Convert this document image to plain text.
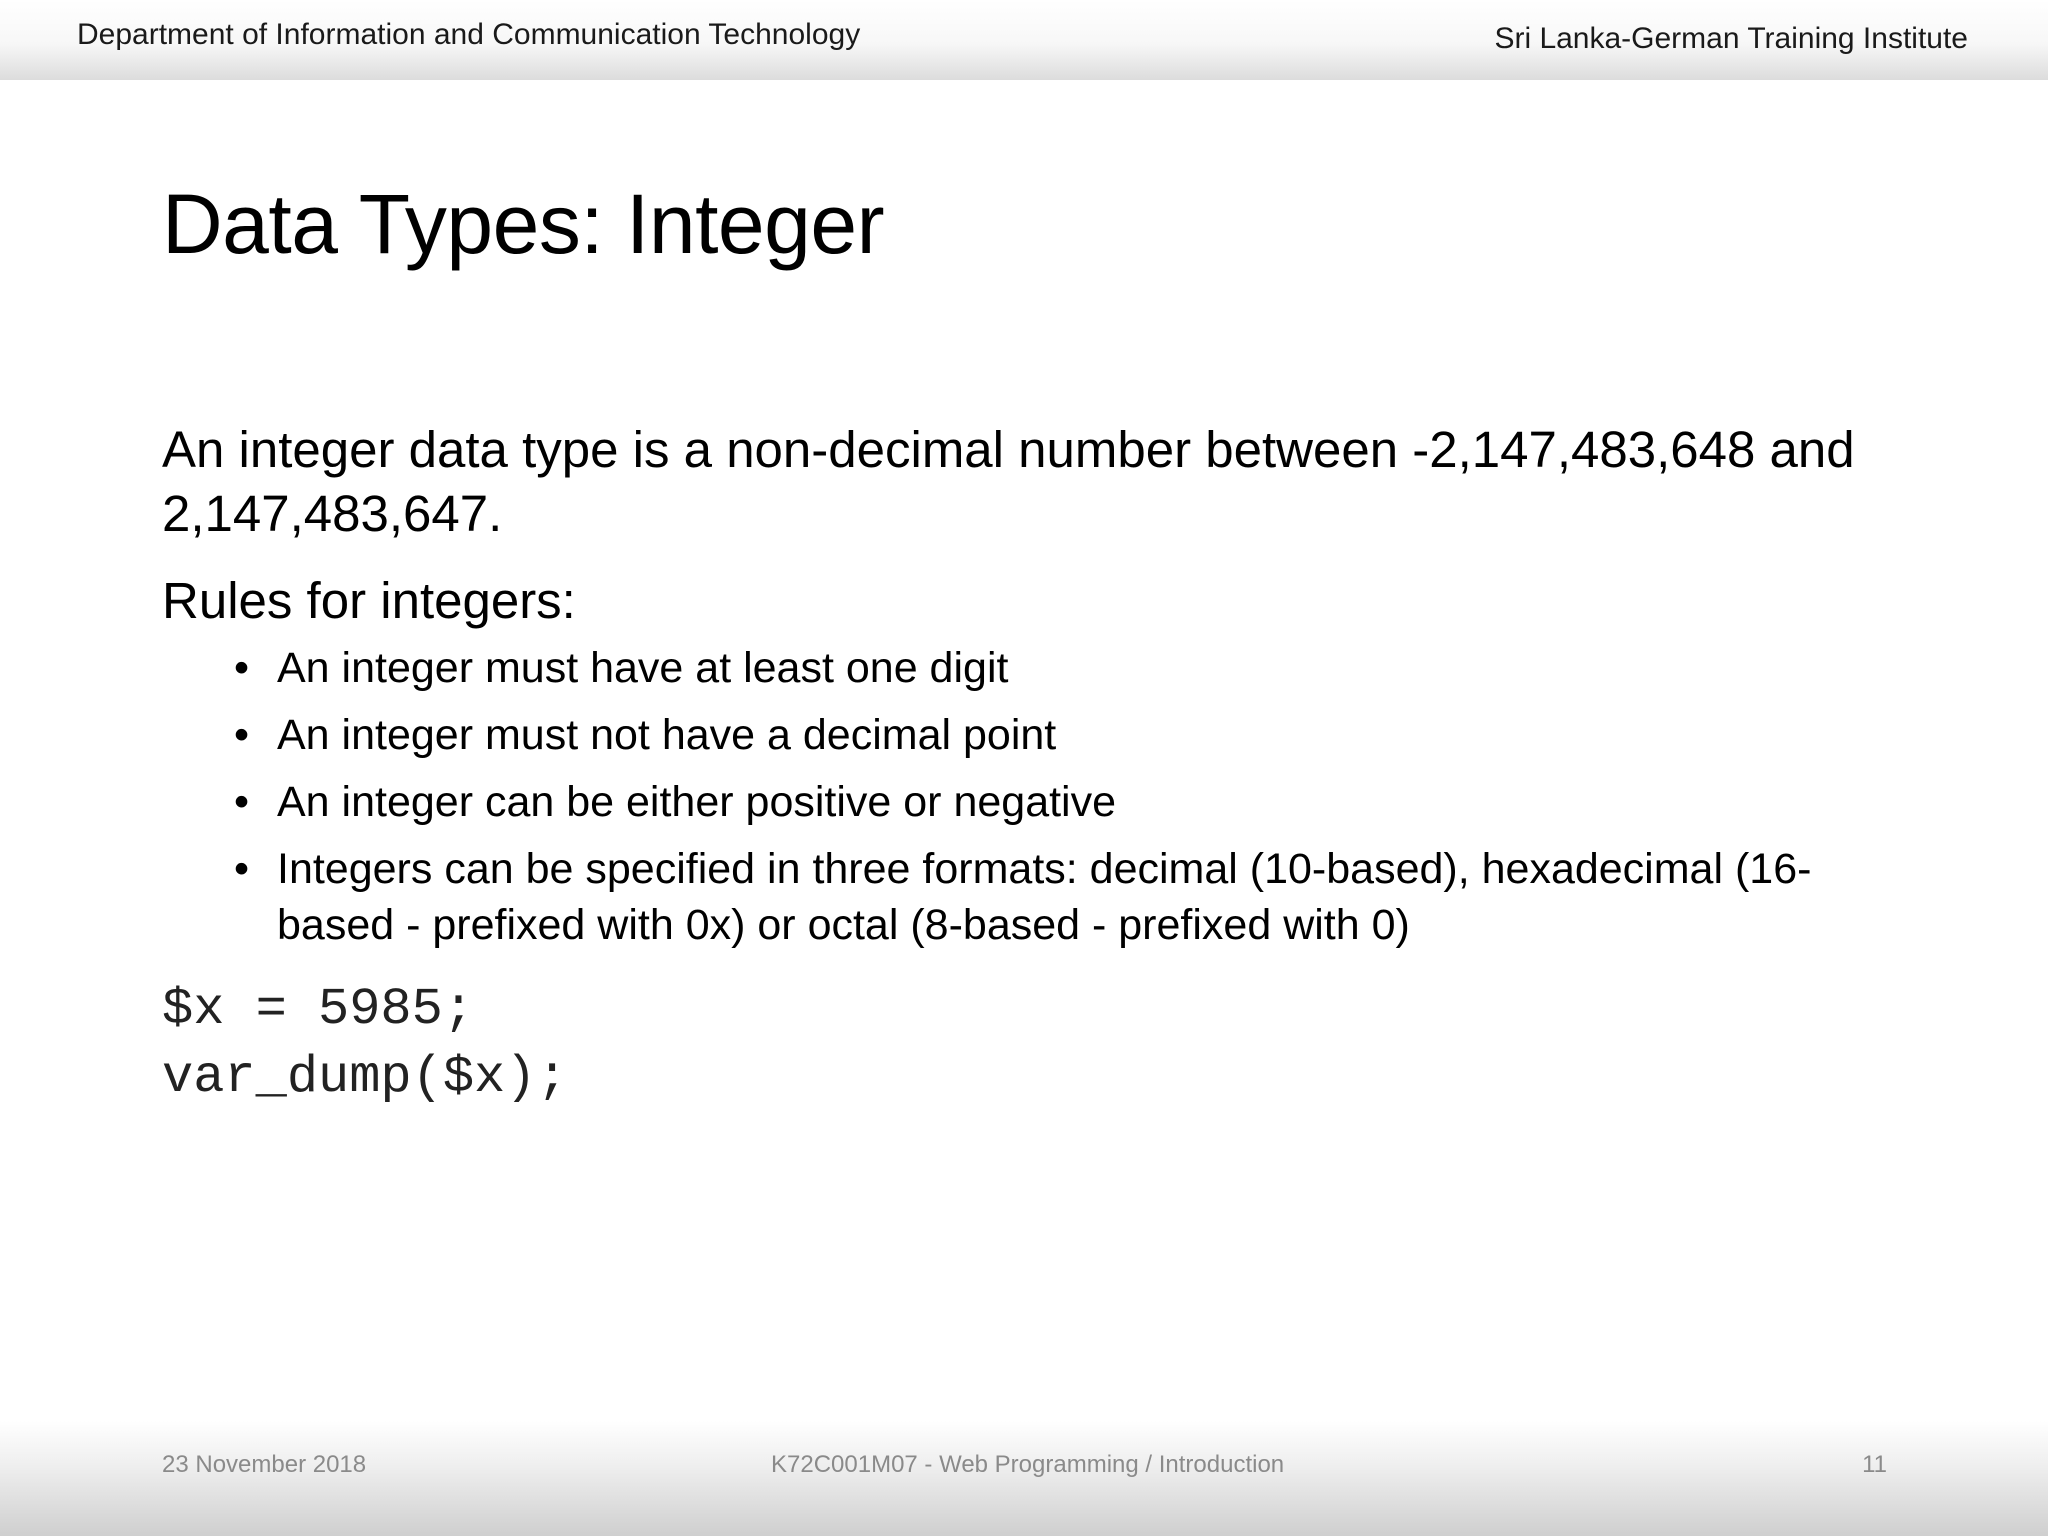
Department of Information and Communication Technology	Sri Lanka-German Training Institute
Data Types: Integer

An integer data type is a non-decimal number between -2,147,483,648 and 2,147,483,647.

Rules for integers:

• An integer must have at least one digit
• An integer must not have a decimal point
• An integer can be either positive or negative
• Integers can be specified in three formats: decimal (10-based), hexadecimal (16-based - prefixed with 0x) or octal (8-based - prefixed with 0)
$x = 5985;
var_dump($x);
23 November 2018	K72C001M07 - Web Programming / Introduction	11
